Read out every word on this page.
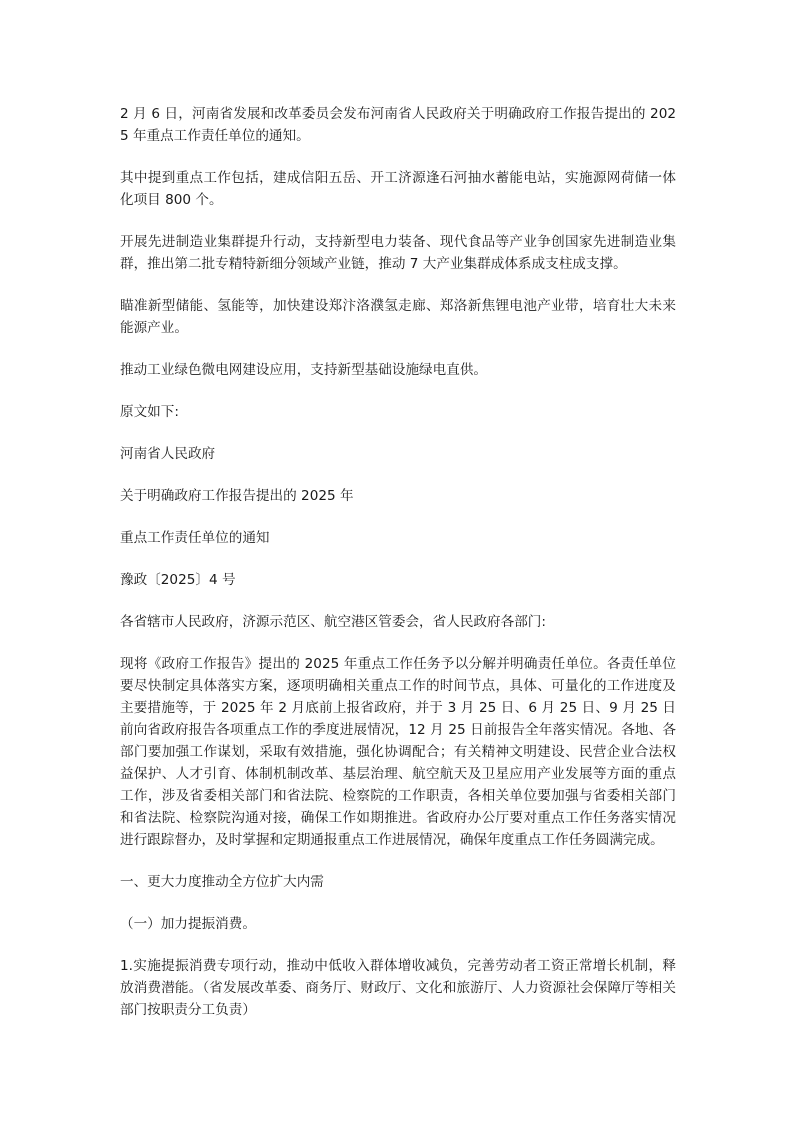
2 月 6 日，河南省发展和改革委员会发布河南省人民政府关于明确政府工作报告提出的 2025 年重点工作责任单位的通知。

其中提到重点工作包括，建成信阳五岳、开工济源逢石河抽水蓄能电站，实施源网荷储一体化项目 800 个。

开展先进制造业集群提升行动，支持新型电力装备、现代食品等产业争创国家先进制造业集群，推出第二批专精特新细分领域产业链，推动 7 大产业集群成体系成支柱成支撑。

瞄准新型储能、氢能等，加快建设郑汴洛濮氢走廊、郑洛新焦锂电池产业带，培育壮大未来能源产业。

推动工业绿色微电网建设应用，支持新型基础设施绿电直供。

原文如下:

河南省人民政府

关于明确政府工作报告提出的 2025 年

重点工作责任单位的通知

豫政〔2025〕4 号

各省辖市人民政府，济源示范区、航空港区管委会，省人民政府各部门:

现将《政府工作报告》提出的 2025 年重点工作任务予以分解并明确责任单位。各责任单位要尽快制定具体落实方案，逐项明确相关重点工作的时间节点，具体、可量化的工作进度及主要措施等，于 2025 年 2 月底前上报省政府，并于 3 月 25 日、6 月 25 日、9 月 25 日前向省政府报告各项重点工作的季度进展情况，12 月 25 日前报告全年落实情况。各地、各部门要加强工作谋划，采取有效措施，强化协调配合；有关精神文明建设、民营企业合法权益保护、人才引育、体制机制改革、基层治理、航空航天及卫星应用产业发展等方面的重点工作，涉及省委相关部门和省法院、检察院的工作职责，各相关单位要加强与省委相关部门和省法院、检察院沟通对接，确保工作如期推进。省政府办公厅要对重点工作任务落实情况进行跟踪督办，及时掌握和定期通报重点工作进展情况，确保年度重点工作任务圆满完成。

一、更大力度推动全方位扩大内需

（一）加力提振消费。

1.实施提振消费专项行动，推动中低收入群体增收减负，完善劳动者工资正常增长机制，释放消费潜能。（省发展改革委、商务厅、财政厅、文化和旅游厅、人力资源社会保障厅等相关部门按职责分工负责）
